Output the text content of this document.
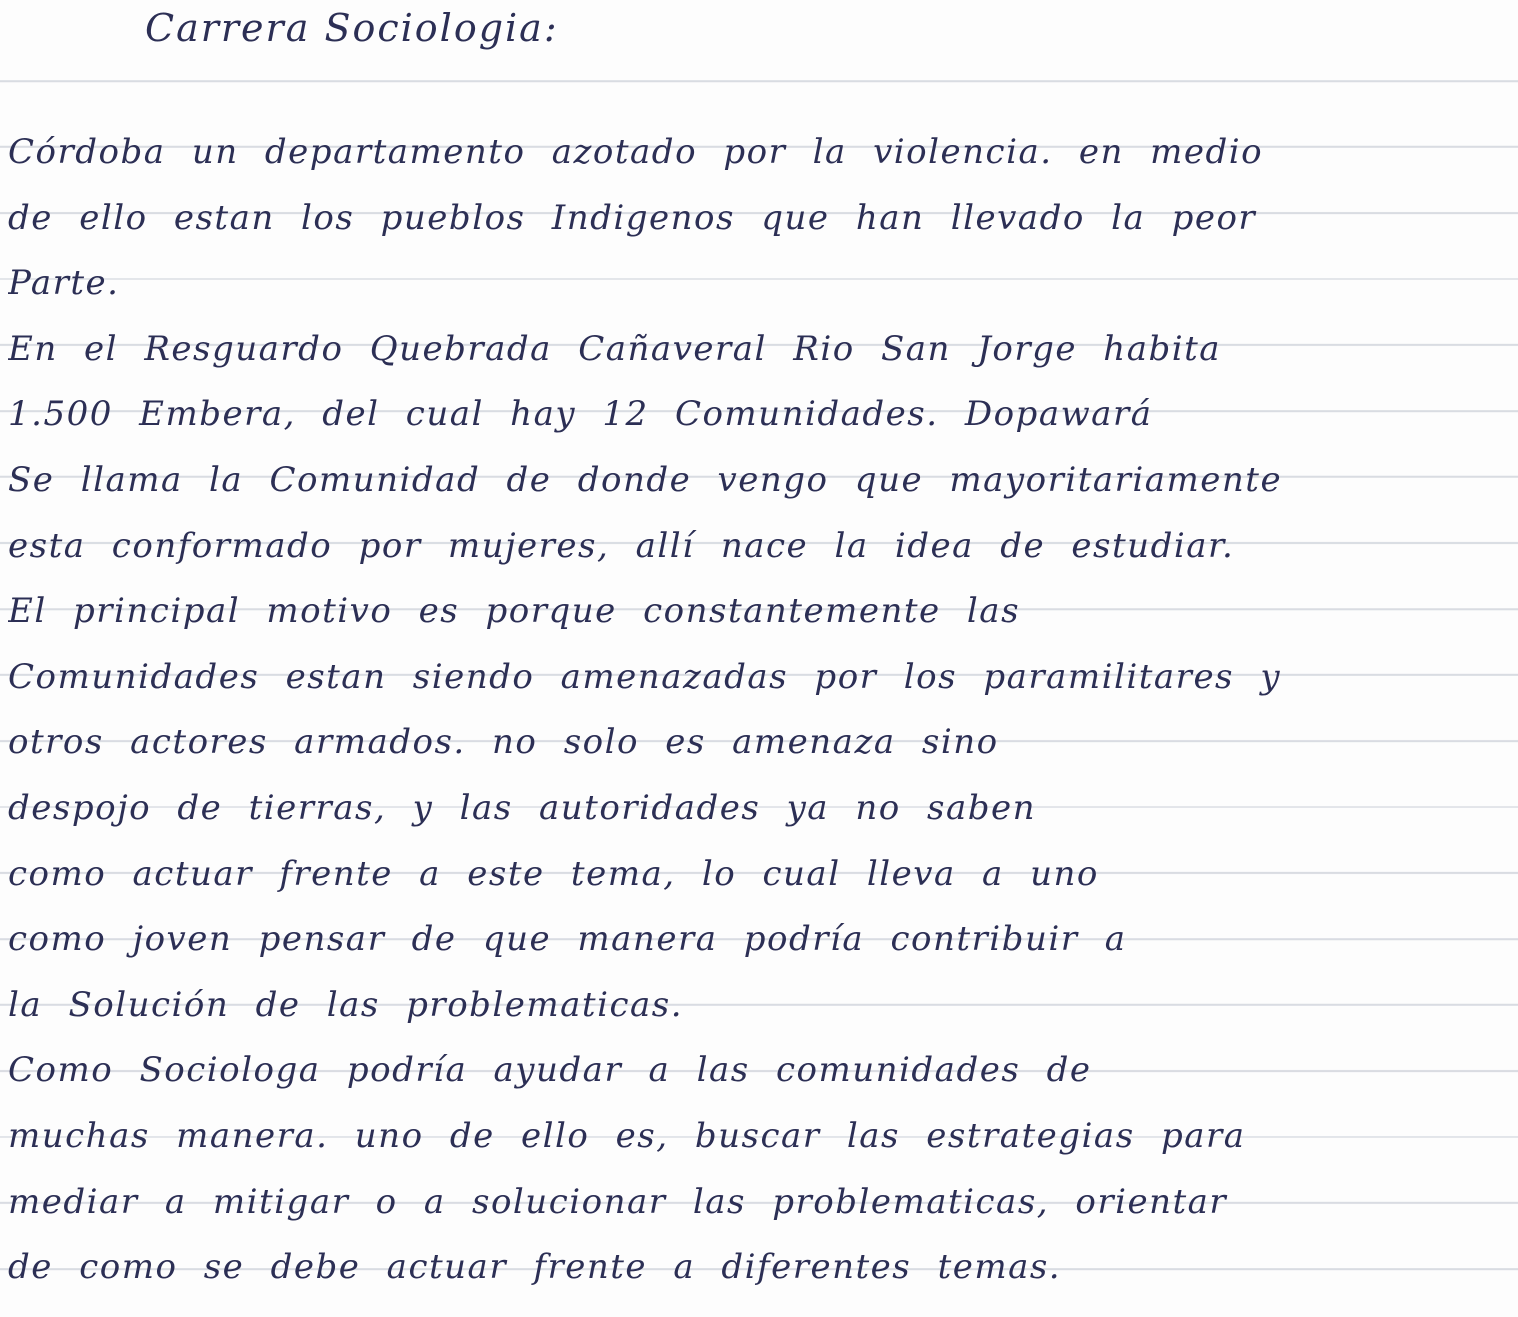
Carrera Sociologia:
Córdoba un departamento azotado por la violencia. en medio
de ello estan los pueblos Indigenos que han llevado la peor
Parte.
En el Resguardo Quebrada Cañaveral Rio San Jorge habita
1.500 Embera, del cual hay 12 Comunidades. Dopawará
Se llama la Comunidad de donde vengo que mayoritariamente
esta conformado por mujeres, allí nace la idea de estudiar.
El principal motivo es porque constantemente las
Comunidades estan siendo amenazadas por los paramilitares y
otros actores armados. no solo es amenaza sino
despojo de tierras, y las autoridades ya no saben
como actuar frente a este tema, lo cual lleva a uno
como joven pensar de que manera podría contribuir a
la Solución de las problematicas.
Como Sociologa podría ayudar a las comunidades de
muchas manera. uno de ello es, buscar las estrategias para
mediar a mitigar o a solucionar las problematicas, orientar
de como se debe actuar frente a diferentes temas.
